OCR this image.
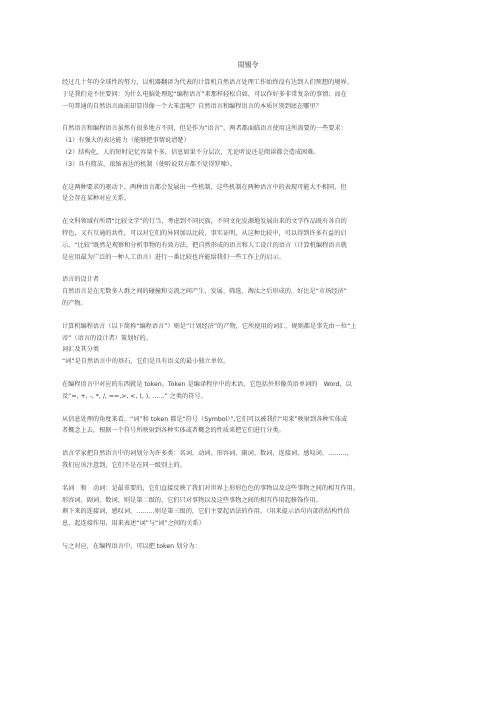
周锡令

经过几十年的全球性的努力，以机器翻译为代表的计算机自然语言处理工作始终没有达到人们预想的境界。

于是我们竟不住要问：为什么电脑处理起“编程语言”来那样轻松自如，可以作好多非常复杂的事情；而在

一句普通的自然语言面前却显得像一个大笨蛋呢？自然语言和编程语言的本质区别到底在哪里？

自然语言和编程语言虽然有很多地方不同，但是作为“语言”，两者都面临语言使用这所需要的一些要求：

（1）有强大的表达能力（能够把事情说清楚）

（2）结构化，人的短时记忆容量不多，信息如果不分层次，无论听说还是阅读都会造成困难。

（3）具有简洁、浓缩表达的机制（使听说双方都不觉得罗嗦）。

在这两种要求的驱动下，两种语言都会发展出一些机制，这些机制在两种语言中的表现可能大不相同，但

是会存在某种对应关系。

在文科领域有所谓“比较文学”的行当，考虑到不同民族，不同文化发源地发展出来的文学作品既有各自的

特色，又有互通的共性，可以对它们的异同加以比较，事实证明，从这种比较中，可以得到许多有益的启

示。“比较”既然是观察和分析事物的有效方法，把自然形成的语言和人工设计的语言（计算机编程语言就

是应用最为广泛的一种人工语言）进行一番比较也许能给我们一些工作上的启示。

语言的设计者

自然语言是在无数多人群之间的碰撞和交流之间产生、发展、筛选、淘汰之后形成的，好比是“市场经济”

的产物。

计算机编程语言（以下简称“编程语言”）则是“计划经济”的产物，它所使用的词汇、规则都是事先由一位“上

帝”（语言的设计者）策划好的。

词汇及其分类

“词”是自然语言中的基石，它们是具有语义的最小独立单位。

在编程语言中对应的东西就是 token。Token 是编译程序中的术语，它包括外形像英语单词的　Word，以

及“=, +, -, *, /, ==,>, <, (, ), ……” 之类的符号。

从信息处理的角度来看，“词”和 token 都是“符号（Symbol）”,它们可以被我们“用来”映射到各种实体或

者概念上去，根据一个符号所映射到各种实体或者概念的性质来把它们进行分类。

语言学家把自然语言中的词划分为许多类：名词、动词、形容词、副词、数词、连接词、感叹词、………，

我们应该注意到，它们不是在同一级别上的。

名词　和　动词：是最重要的，它们直接反映了我们对世界上形形色色的事物以及这些事物之间的相互作用。

形容词、副词、数词、则是第二级的，它们只对事物以及这些事物之间的相互作用起修饰作用。

剩下来的连接词、感叹词、………则是第三级的，它们主要起语法的作用。（用来提示语句内部的结构性信

息，起连接作用，用来表述“词”与“词”之间的关系）

与之对应，在编程语言中，可以把 token 划分为：
